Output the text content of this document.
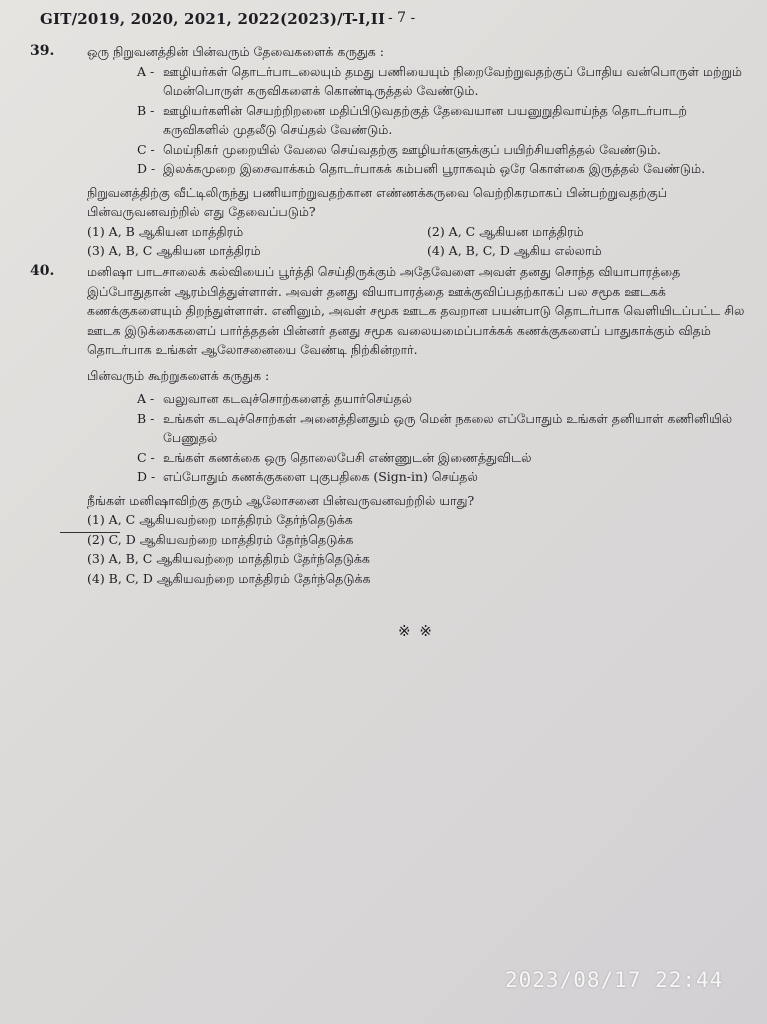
GIT/2019, 2020, 2021, 2022(2023)/T-I,II - 7 -
39.	ஒரு நிறுவனத்தின் பின்வரும் தேவைகளைக் கருதுக :
A - ஊழியர்கள் தொடர்பாடலையும் தமது பணியையும் நிறைவேற்றுவதற்குப் போதிய வன்பொருள் மற்றும் மென்பொருள் கருவிகளைக் கொண்டிருத்தல் வேண்டும்.
B - ஊழியர்களின் செயற்றிறனை மதிப்பிடுவதற்குத் தேவையான பயனுறுதிவாய்ந்த தொடர்பாடற் கருவிகளில் முதலீடு செய்தல் வேண்டும்.
C - மெய்நிகர் முறையில் வேலை செய்வதற்கு ஊழியர்களுக்குப் பயிற்சியளித்தல் வேண்டும்.
D - இலக்கமுறை இசைவாக்கம் தொடர்பாகக் கம்பனி பூராகவும் ஒரே கொள்கை இருத்தல் வேண்டும்.
நிறுவனத்திற்கு வீட்டிலிருந்து பணியாற்றுவதற்கான எண்ணக்கருவை வெற்றிகரமாகப் பின்பற்றுவதற்குப் பின்வருவனவற்றில் எது தேவைப்படும்?
(1) A, B ஆகியன மாத்திரம்	(2) A, C ஆகியன மாத்திரம்
(3) A, B, C ஆகியன மாத்திரம்	(4) A, B, C, D ஆகிய எல்லாம்
40.	மனிஷா பாடசாலைக் கல்வியைப் பூர்த்தி செய்திருக்கும் அதேவேளை அவள் தனது சொந்த வியாபாரத்தை இப்போதுதான் ஆரம்பித்துள்ளாள். அவள் தனது வியாபாரத்தை ஊக்குவிப்பதற்காகப் பல சமூக ஊடகக் கணக்குகளையும் திறந்துள்ளாள். எனினும், அவள் சமூக ஊடக தவறான பயன்பாடு தொடர்பாக வெளியிடப்பட்ட சில ஊடக இடுக்கைகளைப் பார்த்ததன் பின்னர் தனது சமூக வலையமைப்பாக்கக் கணக்குகளைப் பாதுகாக்கும் விதம் தொடர்பாக உங்கள் ஆலோசனையை வேண்டி நிற்கின்றார்.
பின்வரும் கூற்றுகளைக் கருதுக :
A - வலுவான கடவுச்சொற்களைத் தயார்செய்தல்
B - உங்கள் கடவுச்சொற்கள் அனைத்தினதும் ஒரு மென் நகலை எப்போதும் உங்கள் தனியாள் கணினியில் பேணுதல்
C - உங்கள் கணக்கை ஒரு தொலைபேசி எண்ணுடன் இணைத்துவிடல்
D - எப்போதும் கணக்குகளை புகுபதிகை (Sign-in) செய்தல்
நீங்கள் மனிஷாவிற்கு தரும் ஆலோசனை பின்வருவனவற்றில் யாது?
(1) A, C ஆகியவற்றை மாத்திரம் தேர்ந்தெடுக்க
(2) C, D ஆகியவற்றை மாத்திரம் தேர்ந்தெடுக்க
(3) A, B, C ஆகியவற்றை மாத்திரம் தேர்ந்தெடுக்க
(4) B, C, D ஆகியவற்றை மாத்திரம் தேர்ந்தெடுக்க
※ ※
2023/08/17 22:44
